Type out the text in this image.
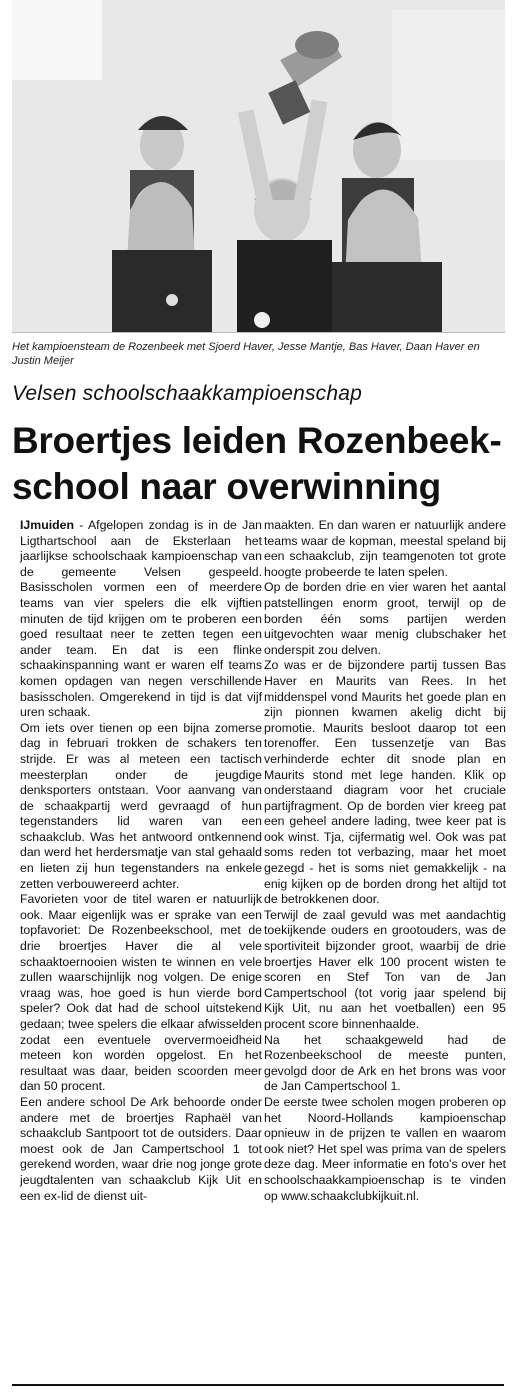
Het kampioensteam de Rozenbeek met Sjoerd Haver, Jesse Mantje, Bas Haver, Daan Haver en Justin Meijer
Velsen schoolschaakkampioenschap
Broertjes leiden Rozenbeek-
school naar overwinning

IJmuiden - Afgelopen zondag is in de Jan Ligthartschool aan de Eksterlaan het jaarlijkse schoolschaak kampioenschap van de gemeente Velsen gespeeld. Basisscholen vormen een of meerdere teams van vier spelers die elk vijftien minuten de tijd krijgen om te proberen een goed resultaat neer te zetten tegen een ander team. En dat is een flinke schaakinspanning want er waren elf teams komen opdagen van negen verschillende basisscholen. Omgerekend in tijd is dat vijf uren schaak.

Om iets over tienen op een bijna zomerse dag in februari trokken de schakers ten strijde. Er was al meteen een tactisch meesterplan onder de jeugdige denksporters ontstaan. Voor aanvang van de schaakpartij werd gevraagd of hun tegenstanders lid waren van een schaakclub. Was het antwoord ontkennend dan werd het herdersmatje van stal gehaald en lieten zij hun tegenstanders na enkele zetten verbouwereerd achter.

Favorieten voor de titel waren er natuurlijk ook. Maar eigenlijk was er sprake van een topfavoriet: De Rozenbeekschool, met de drie broertjes Haver die al vele schaaktoernooien wisten te winnen en vele zullen waarschijnlijk nog volgen. De enige vraag was, hoe goed is hun vierde bord speler? Ook dat had de school uitstekend gedaan; twee spelers die elkaar afwisselden zodat een eventuele oververmoeidheid meteen kon worden opgelost. En het resultaat was daar, beiden scoorden meer dan 50 procent.

Een andere school De Ark behoorde onder andere met de broertjes Raphaël van schaakclub Santpoort tot de outsiders. Daar moest ook de Jan Campertschool 1 tot gerekend worden, waar drie nog jonge grote jeugdtalenten van schaakclub Kijk Uit en een ex-lid de dienst uit-

maakten. En dan waren er natuurlijk andere teams waar de kopman, meestal speland bij een schaakclub, zijn teamgenoten tot grote hoogte probeerde te laten spelen.

Op de borden drie en vier waren het aantal patstellingen enorm groot, terwijl op de borden één soms partijen werden uitgevochten waar menig clubschaker het onderspit zou delven.

Zo was er de bijzondere partij tussen Bas Haver en Maurits van Rees. In het middenspel vond Maurits het goede plan en zijn pionnen kwamen akelig dicht bij promotie. Maurits besloot daarop tot een torenoffer. Een tussenzetje van Bas verhinderde echter dit snode plan en Maurits stond met lege handen. Klik op onderstaand diagram voor het cruciale partijfragment. Op de borden vier kreeg pat een geheel andere lading, twee keer pat is ook winst. Tja, cijfermatig wel. Ook was pat soms reden tot verbazing, maar het moet gezegd - het is soms niet gemakkelijk - na enig kijken op de borden drong het altijd tot de betrokkenen door.

Terwijl de zaal gevuld was met aandachtig toekijkende ouders en grootouders, was de sportiviteit bijzonder groot, waarbij de drie broertjes Haver elk 100 procent wisten te scoren en Stef Ton van de Jan Campertschool (tot vorig jaar spelend bij Kijk Uit, nu aan het voetballen) een 95 procent score binnenhaalde.

Na het schaakgeweld had de Rozenbeekschool de meeste punten, gevolgd door de Ark en het brons was voor de Jan Campertschool 1.

De eerste twee scholen mogen proberen op het Noord-Hollands kampioenschap opnieuw in de prijzen te vallen en waarom ook niet? Het spel was prima van de spelers deze dag. Meer informatie en foto's over het schoolschaakkampioenschap is te vinden op www.schaakclubkijkuit.nl.
